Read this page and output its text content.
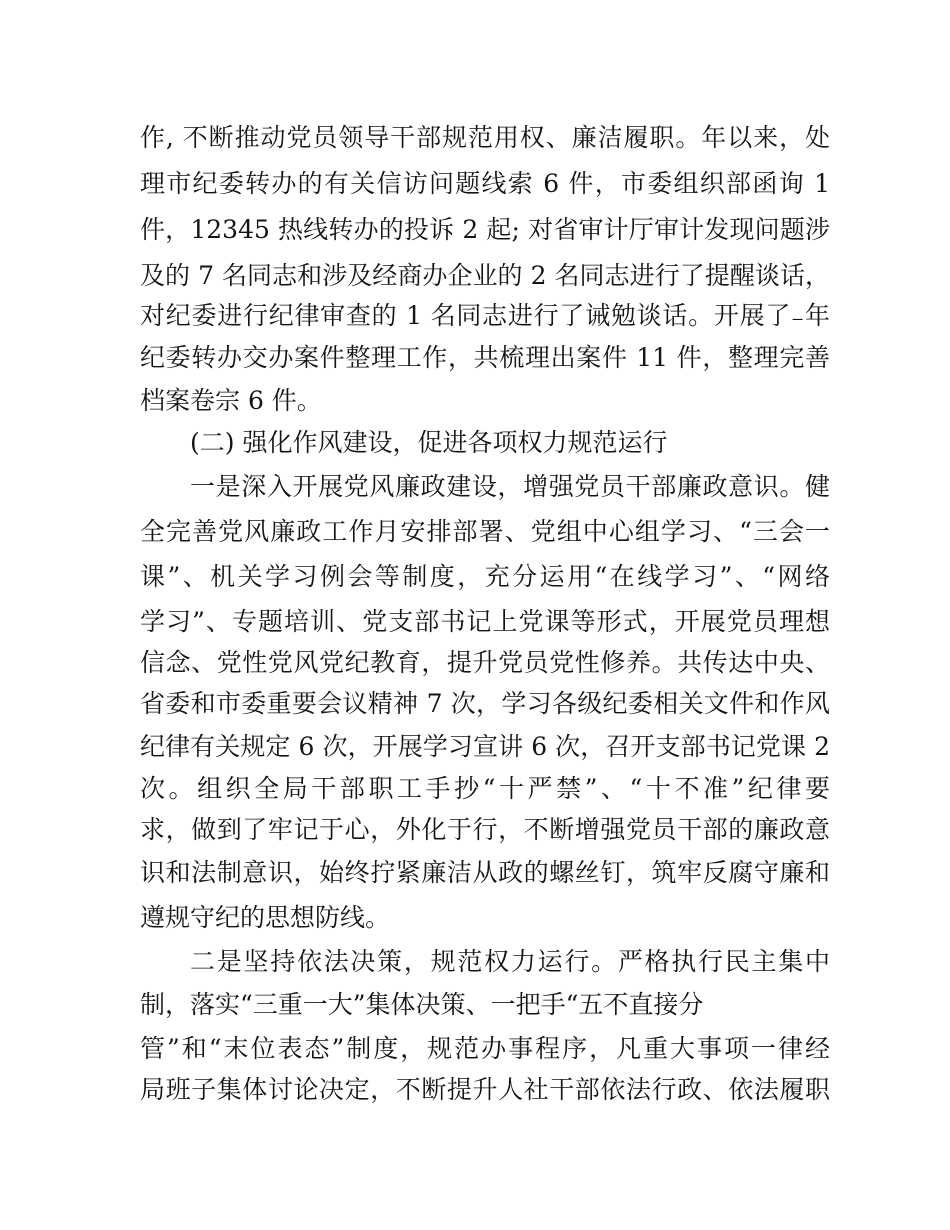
作, 不断推动党员领导干部规范用权、廉洁履职。年以来，处
理市纪委转办的有关信访问题线索 6 件，市委组织部函询 1
件，12345 热线转办的投诉 2 起; 对省审计厅审计发现问题涉
及的 7 名同志和涉及经商办企业的 2 名同志进行了提醒谈话，
对纪委进行纪律审查的 1 名同志进行了诫勉谈话。开展了₋年
纪委转办交办案件整理工作，共梳理出案件 11 件，整理完善
档案卷宗 6 件。
(二) 强化作风建设，促进各项权力规范运行
一是深入开展党风廉政建设，增强党员干部廉政意识。健
全完善党风廉政工作月安排部署、党组中心组学习、“三会一
课”、机关学习例会等制度，充分运用“在线学习”、“网络
学习”、专题培训、党支部书记上党课等形式，开展党员理想
信念、党性党风党纪教育，提升党员党性修养。共传达中央、
省委和市委重要会议精神 7 次，学习各级纪委相关文件和作风
纪律有关规定 6 次，开展学习宣讲 6 次，召开支部书记党课 2
次。组织全局干部职工手抄“十严禁”、“十不准”纪律要
求，做到了牢记于心，外化于行，不断增强党员干部的廉政意
识和法制意识，始终拧紧廉洁从政的螺丝钉，筑牢反腐守廉和
遵规守纪的思想防线。
二是坚持依法决策，规范权力运行。严格执行民主集中
制，落实“三重一大”集体决策、一把手“五不直接分
管”和“末位表态”制度，规范办事程序，凡重大事项一律经
局班子集体讨论决定，不断提升人社干部依法行政、依法履职
